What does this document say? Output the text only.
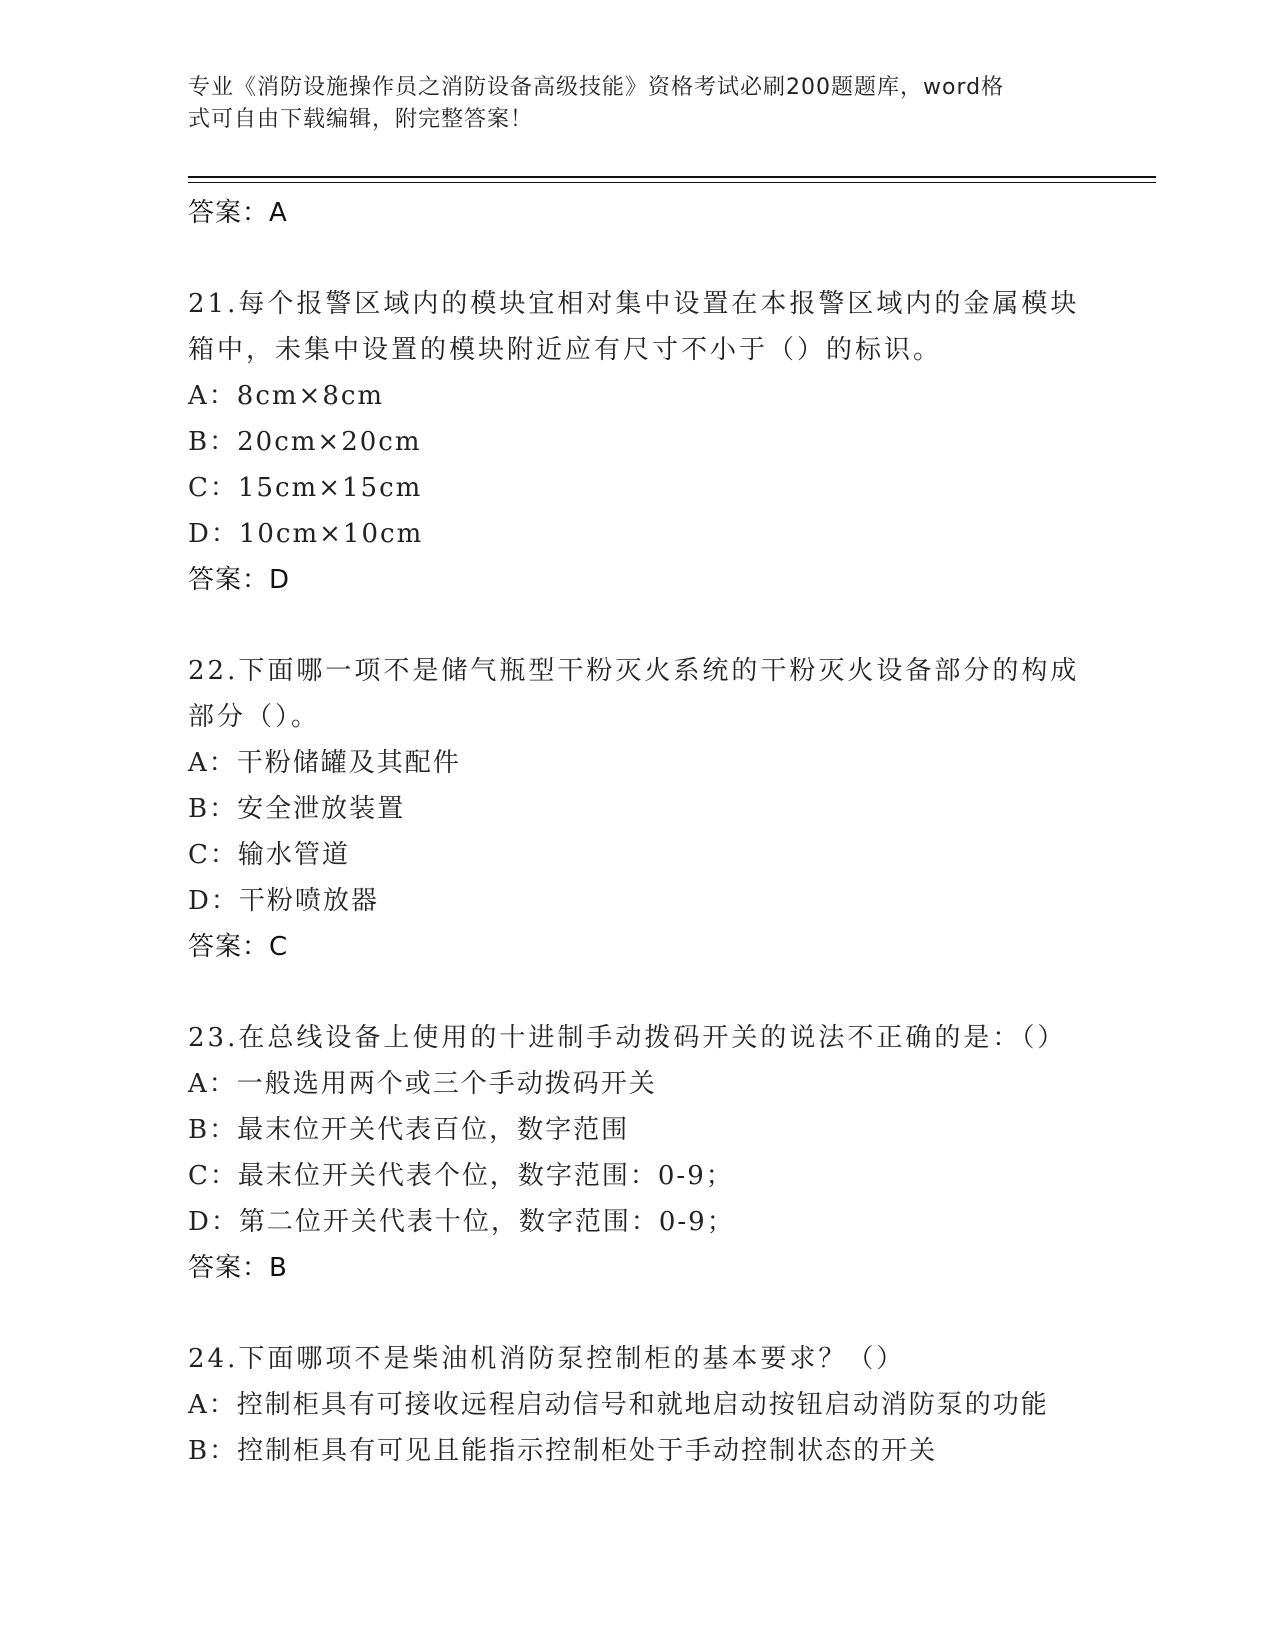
专业《消防设施操作员之消防设备高级技能》资格考试必刷200题题库，word格
式可自由下载编辑，附完整答案！

答案：A

21.每个报警区域内的模块宜相对集中设置在本报警区域内的金属模块

箱中，未集中设置的模块附近应有尺寸不小于（）的标识。

A：8cm×8cm

B：20cm×20cm

C：15cm×15cm

D：10cm×10cm

答案：D

22.下面哪一项不是储气瓶型干粉灭火系统的干粉灭火设备部分的构成

部分（）。

A：干粉储罐及其配件

B：安全泄放装置

C：输水管道

D：干粉喷放器

答案：C

23.在总线设备上使用的十进制手动拨码开关的说法不正确的是：（）

A：一般选用两个或三个手动拨码开关

B：最末位开关代表百位，数字范围

C：最末位开关代表个位，数字范围：0-9；

D：第二位开关代表十位，数字范围：0-9；

答案：B

24.下面哪项不是柴油机消防泵控制柜的基本要求？（）

A：控制柜具有可接收远程启动信号和就地启动按钮启动消防泵的功能

B：控制柜具有可见且能指示控制柜处于手动控制状态的开关
